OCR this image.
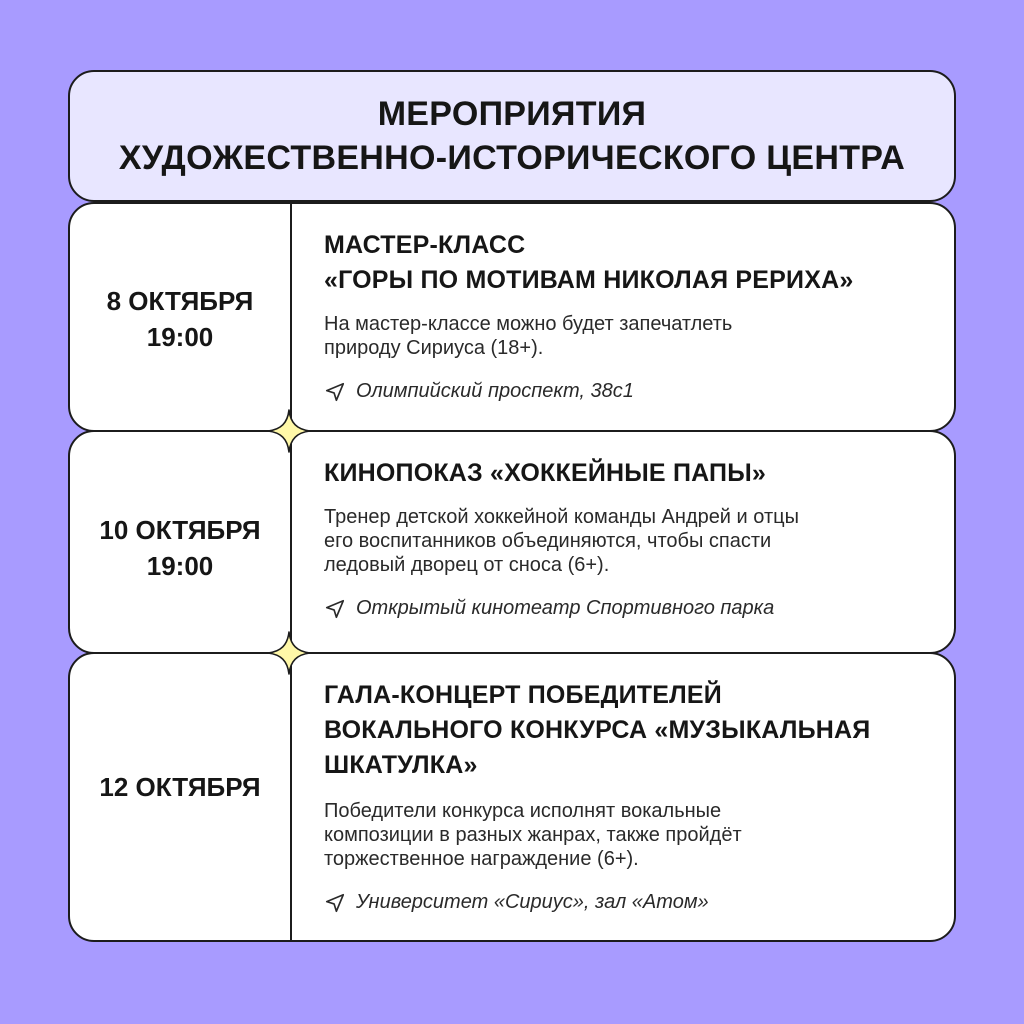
МЕРОПРИЯТИЯ
ХУДОЖЕСТВЕННО-ИСТОРИЧЕСКОГО ЦЕНТРА
8 ОКТЯБРЯ
19:00
МАСТЕР-КЛАСС
«ГОРЫ ПО МОТИВАМ НИКОЛАЯ РЕРИХА»
На мастер-классе можно будет запечатлеть
природу Сириуса (18+).
Олимпийский проспект, 38с1
10 ОКТЯБРЯ
19:00
КИНОПОКАЗ «ХОККЕЙНЫЕ ПАПЫ»
Тренер детской хоккейной команды Андрей и отцы
его воспитанников объединяются, чтобы спасти
ледовый дворец от сноса (6+).
Открытый кинотеатр Спортивного парка
12 ОКТЯБРЯ
ГАЛА-КОНЦЕРТ ПОБЕДИТЕЛЕЙ
ВОКАЛЬНОГО КОНКУРСА «МУЗЫКАЛЬНАЯ
ШКАТУЛКА»
Победители конкурса исполнят вокальные
композиции в разных жанрах, также пройдёт
торжественное награждение (6+).
Университет «Сириус», зал «Атом»
